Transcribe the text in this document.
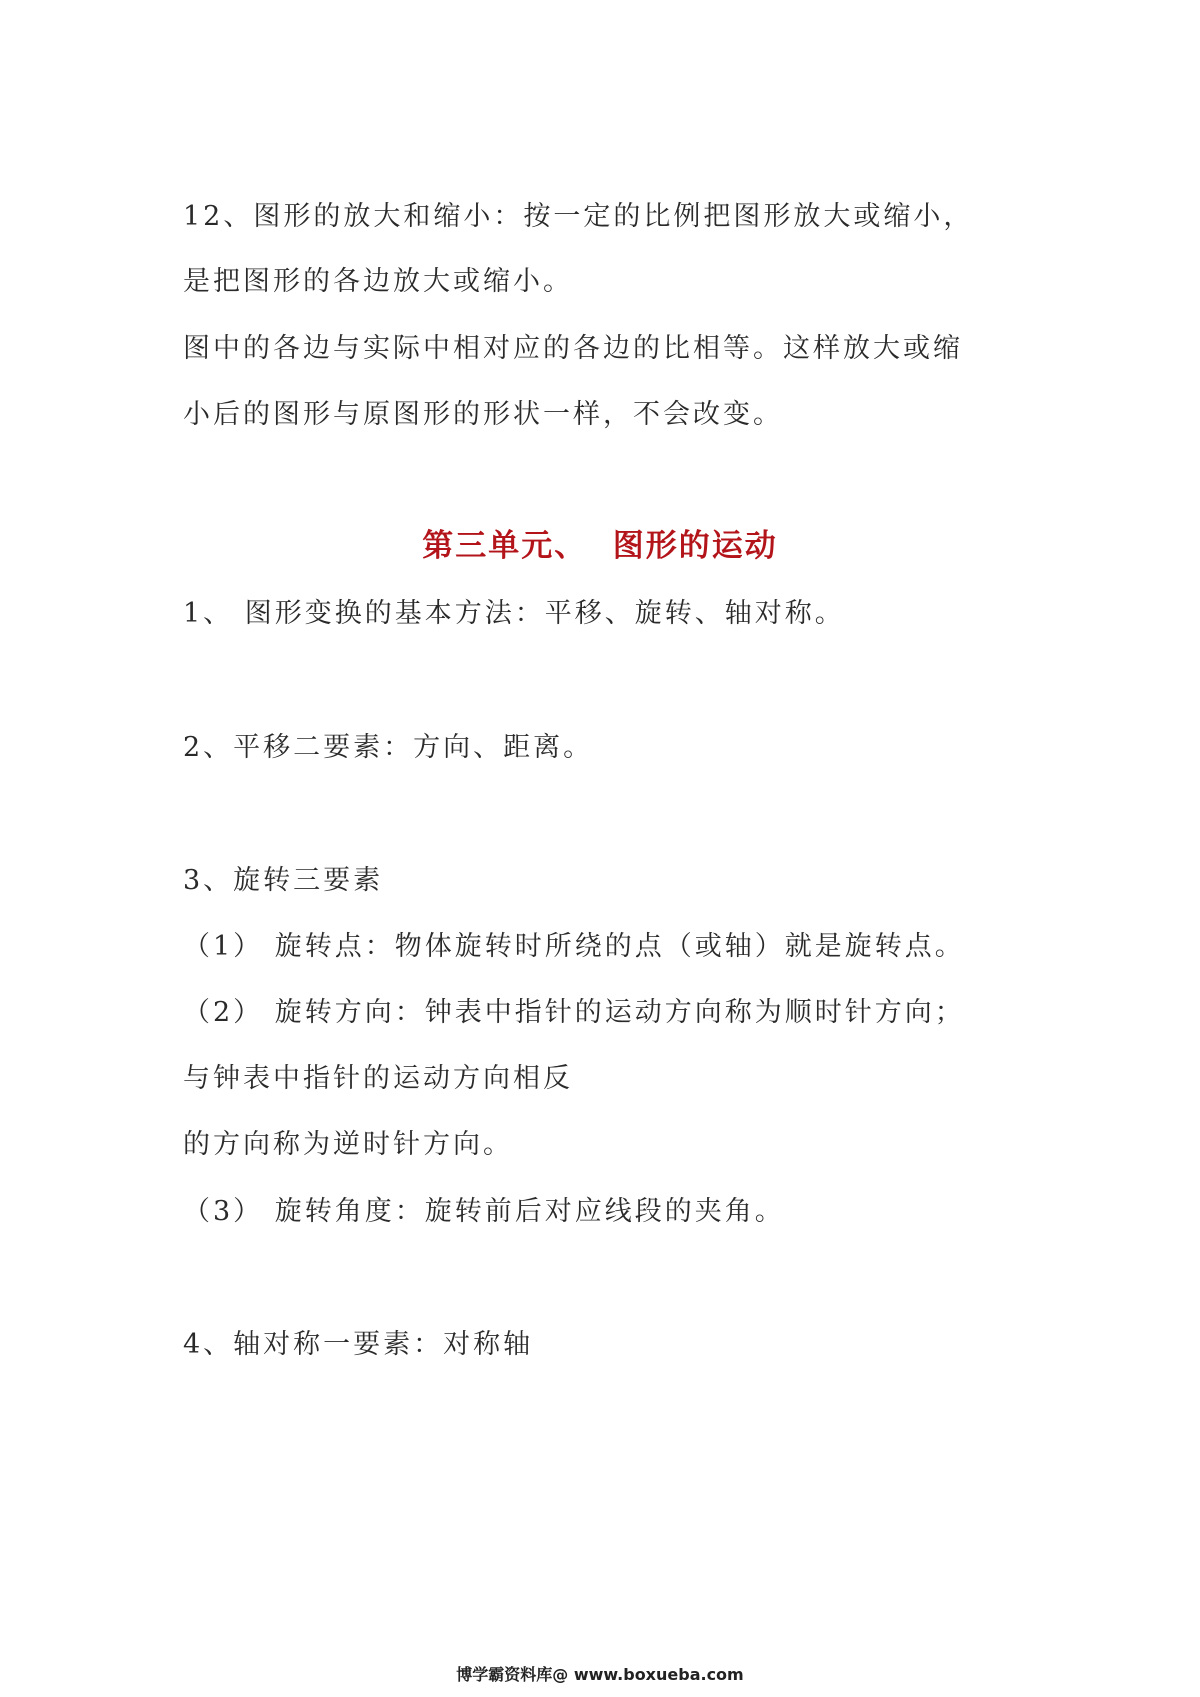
12、图形的放大和缩小：按一定的比例把图形放大或缩小，
是把图形的各边放大或缩小。
图中的各边与实际中相对应的各边的比相等。这样放大或缩
小后的图形与原图形的形状一样，不会改变。
第三单元、  图形的运动
1、 图形变换的基本方法：平移、旋转、轴对称。
2、平移二要素：方向、距离。
3、旋转三要素
（1） 旋转点：物体旋转时所绕的点（或轴）就是旋转点。
（2） 旋转方向：钟表中指针的运动方向称为顺时针方向；
与钟表中指针的运动方向相反
的方向称为逆时针方向。
（3） 旋转角度：旋转前后对应线段的夹角。
4、轴对称一要素：对称轴
博学霸资料库@ www.boxueba.com
